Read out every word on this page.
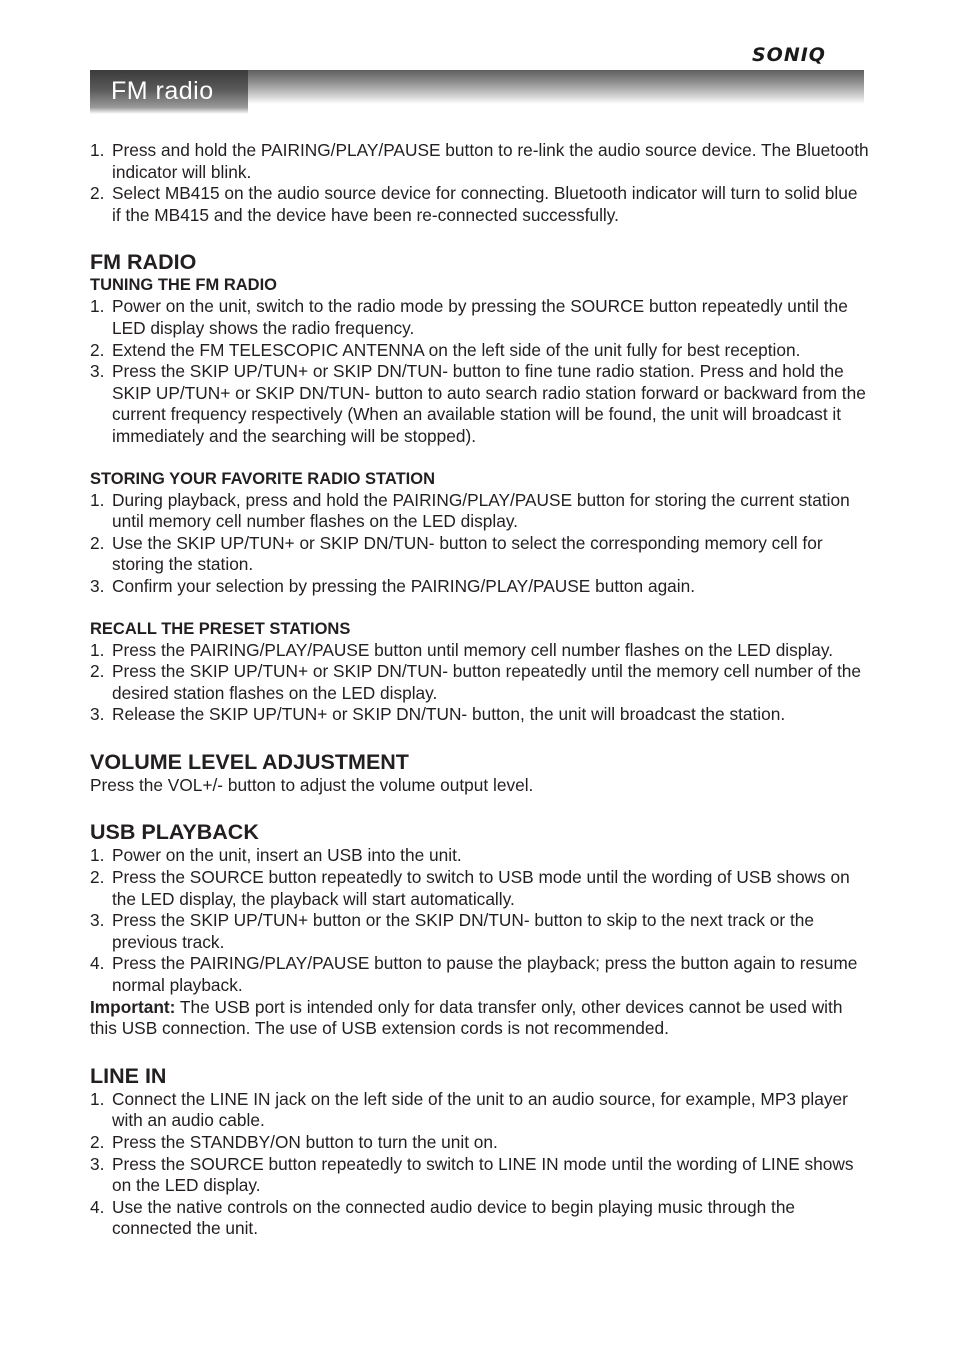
SONIQ
FM radio
1. Press and hold the PAIRING/PLAY/PAUSE button to re-link the audio source device. The Bluetooth indicator will blink.
2. Select MB415 on the audio source device for connecting. Bluetooth indicator will turn to solid blue if the MB415 and the device have been re-connected successfully.
FM RADIO
TUNING THE FM RADIO
1. Power on the unit, switch to the radio mode by pressing the SOURCE button repeatedly until the LED display shows the radio frequency.
2. Extend the FM TELESCOPIC ANTENNA on the left side of the unit fully for best reception.
3. Press the SKIP UP/TUN+ or SKIP DN/TUN- button to fine tune radio station. Press and hold the SKIP UP/TUN+ or SKIP DN/TUN- button to auto search radio station forward or backward from the current frequency respectively (When an available station will be found, the unit will broadcast it immediately and the searching will be stopped).
STORING YOUR FAVORITE RADIO STATION
1. During playback, press and hold the PAIRING/PLAY/PAUSE button for storing the current station until memory cell number flashes on the LED display.
2. Use the SKIP UP/TUN+ or SKIP DN/TUN- button to select the corresponding memory cell for storing the station.
3. Confirm your selection by pressing the PAIRING/PLAY/PAUSE button again.
RECALL THE PRESET STATIONS
1. Press the PAIRING/PLAY/PAUSE button until memory cell number flashes on the LED display.
2. Press the SKIP UP/TUN+ or SKIP DN/TUN- button repeatedly until the memory cell number of the desired station flashes on the LED display.
3. Release the SKIP UP/TUN+ or SKIP DN/TUN- button, the unit will broadcast the station.
VOLUME LEVEL ADJUSTMENT

Press the VOL+/- button to adjust the volume output level.

USB PLAYBACK
1. Power on the unit, insert an USB into the unit.
2. Press the SOURCE button repeatedly to switch to USB mode until the wording of USB shows on the LED display, the playback will start automatically.
3. Press the SKIP UP/TUN+ button or the SKIP DN/TUN- button to skip to the next track or the previous track.
4. Press the PAIRING/PLAY/PAUSE button to pause the playback; press the button again to resume normal playback.

Important: The USB port is intended only for data transfer only, other devices cannot be used with this USB connection. The use of USB extension cords is not recommended.

LINE IN
1. Connect the LINE IN jack on the left side of the unit to an audio source, for example, MP3 player with an audio cable.
2. Press the STANDBY/ON button to turn the unit on.
3. Press the SOURCE button repeatedly to switch to LINE IN mode until the wording of LINE shows on the LED display.
4. Use the native controls on the connected audio device to begin playing music through the connected the unit.
